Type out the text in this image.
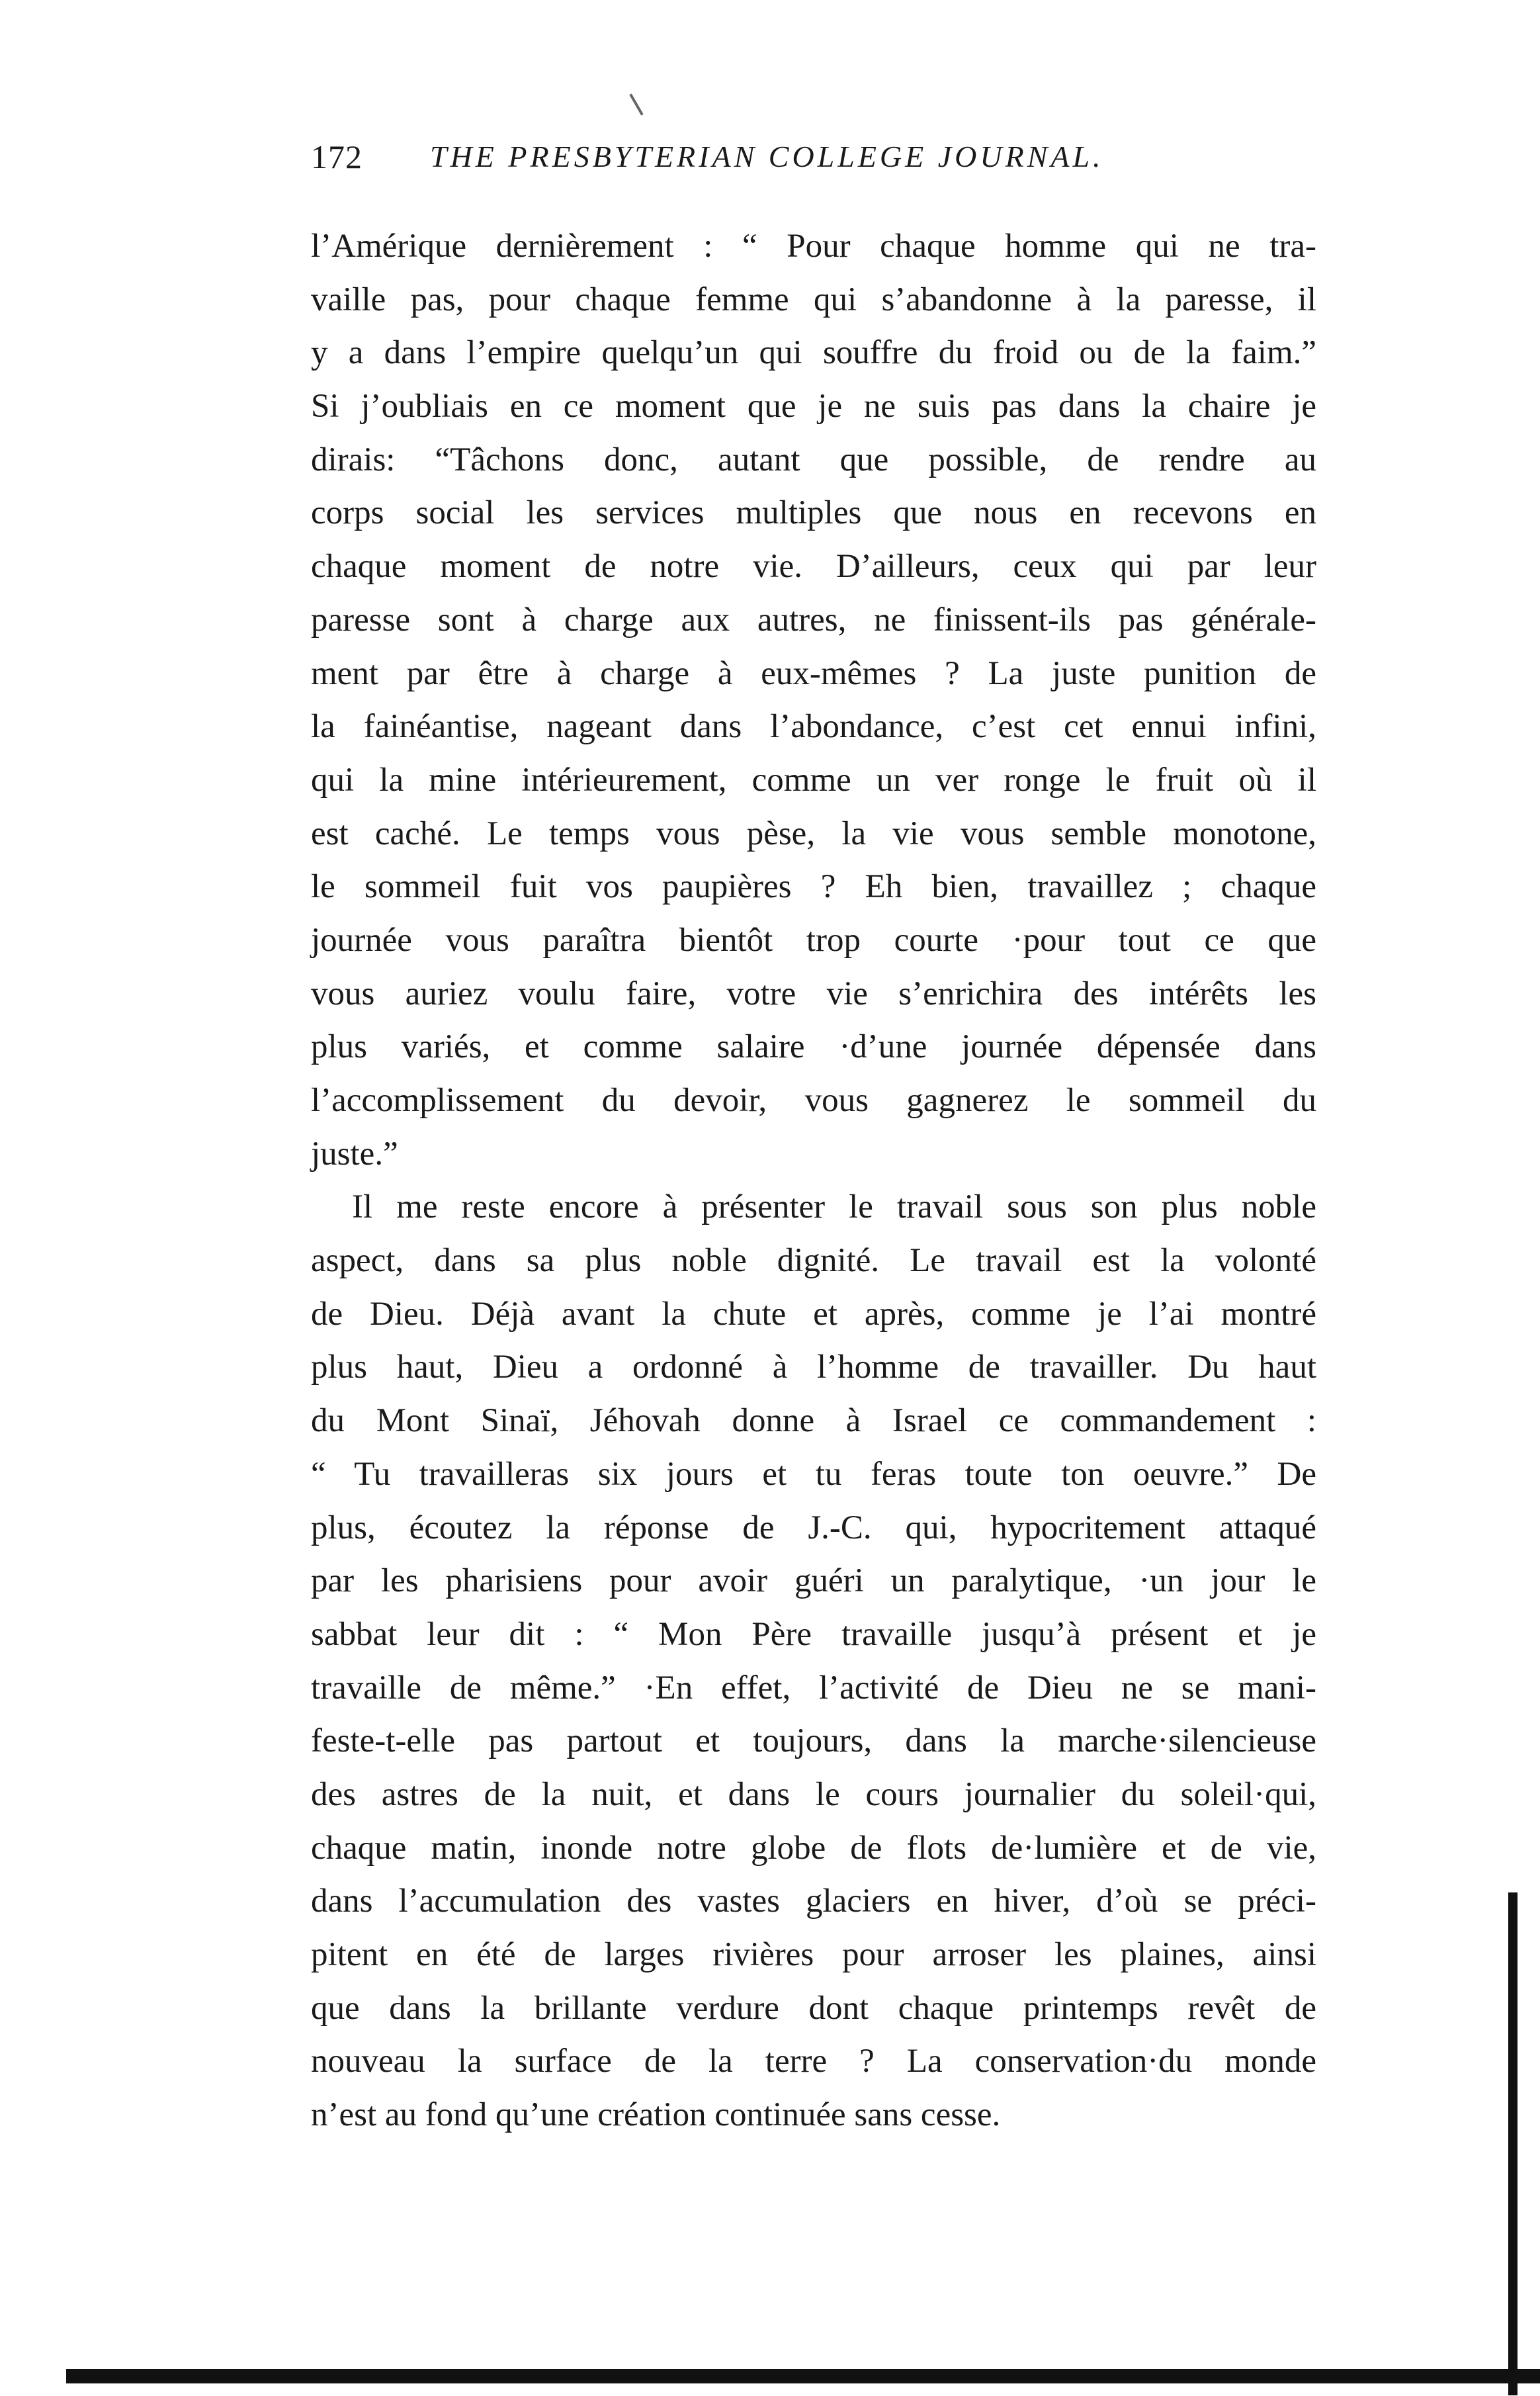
172 THE PRESBYTERIAN COLLEGE JOURNAL.
l’Amérique dernièrement : “ Pour chaque homme qui ne tra-
vaille pas, pour chaque femme qui s’abandonne à la paresse, il
y a dans l’empire quelqu’un qui souffre du froid ou de la faim.”
Si j’oubliais en ce moment que je ne suis pas dans la chaire je
dirais: “Tâchons donc, autant que possible, de rendre au
corps social les services multiples que nous en recevons en
chaque moment de notre vie. D’ailleurs, ceux qui par leur
paresse sont à charge aux autres, ne finissent-ils pas générale-
ment par être à charge à eux-mêmes ? La juste punition de
la fainéantise, nageant dans l’abondance, c’est cet ennui infini,
qui la mine intérieurement, comme un ver ronge le fruit où il
est caché. Le temps vous pèse, la vie vous semble monotone,
le sommeil fuit vos paupières ? Eh bien, travaillez ; chaque
journée vous paraîtra bientôt trop courte ·pour tout ce que
vous auriez voulu faire, votre vie s’enrichira des intérêts les
plus variés, et comme salaire ·d’une journée dépensée dans
l’accomplissement du devoir, vous gagnerez le sommeil du
juste.”
Il me reste encore à présenter le travail sous son plus noble
aspect, dans sa plus noble dignité. Le travail est la volonté
de Dieu. Déjà avant la chute et après, comme je l’ai montré
plus haut, Dieu a ordonné à l’homme de travailler. Du haut
du Mont Sinaï, Jéhovah donne à Israel ce commandement :
“ Tu travailleras six jours et tu feras toute ton oeuvre.” De
plus, écoutez la réponse de J.-C. qui, hypocritement attaqué
par les pharisiens pour avoir guéri un paralytique, ·un jour le
sabbat leur dit : “ Mon Père travaille jusqu’à présent et je
travaille de même.” ·En effet, l’activité de Dieu ne se mani-
feste-t-elle pas partout et toujours, dans la marche·silencieuse
des astres de la nuit, et dans le cours journalier du soleil·qui,
chaque matin, inonde notre globe de flots de·lumière et de vie,
dans l’accumulation des vastes glaciers en hiver, d’où se préci-
pitent en été de larges rivières pour arroser les plaines, ainsi
que dans la brillante verdure dont chaque printemps revêt de
nouveau la surface de la terre ? La conservation·du monde
n’est au fond qu’une création continuée sans cesse.
